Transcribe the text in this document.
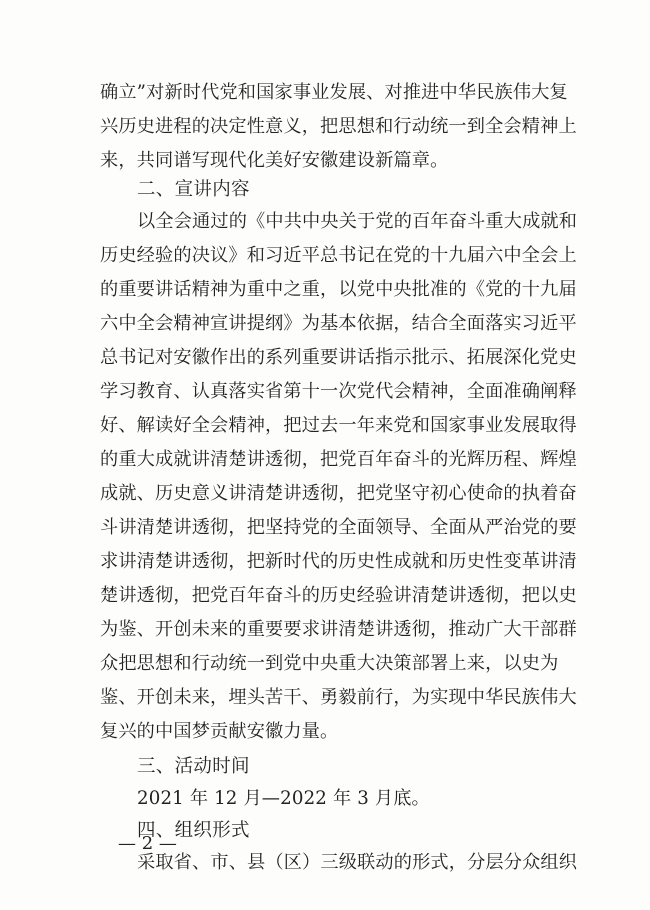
确立”对新时代党和国家事业发展、对推进中华民族伟大复
兴历史进程的决定性意义，把思想和行动统一到全会精神上
来，共同谱写现代化美好安徽建设新篇章。
二、宣讲内容
以全会通过的《中共中央关于党的百年奋斗重大成就和
历史经验的决议》和习近平总书记在党的十九届六中全会上
的重要讲话精神为重中之重，以党中央批准的《党的十九届
六中全会精神宣讲提纲》为基本依据，结合全面落实习近平
总书记对安徽作出的系列重要讲话指示批示、拓展深化党史
学习教育、认真落实省第十一次党代会精神，全面准确阐释
好、解读好全会精神，把过去一年来党和国家事业发展取得
的重大成就讲清楚讲透彻，把党百年奋斗的光辉历程、辉煌
成就、历史意义讲清楚讲透彻，把党坚守初心使命的执着奋
斗讲清楚讲透彻，把坚持党的全面领导、全面从严治党的要
求讲清楚讲透彻，把新时代的历史性成就和历史性变革讲清
楚讲透彻，把党百年奋斗的历史经验讲清楚讲透彻，把以史
为鉴、开创未来的重要要求讲清楚讲透彻，推动广大干部群
众把思想和行动统一到党中央重大决策部署上来，以史为
鉴、开创未来，埋头苦干、勇毅前行，为实现中华民族伟大
复兴的中国梦贡献安徽力量。
三、活动时间
2021 年 12 月—2022 年 3 月底。
四、组织形式
采取省、市、县（区）三级联动的形式，分层分众组织
— 2 —
